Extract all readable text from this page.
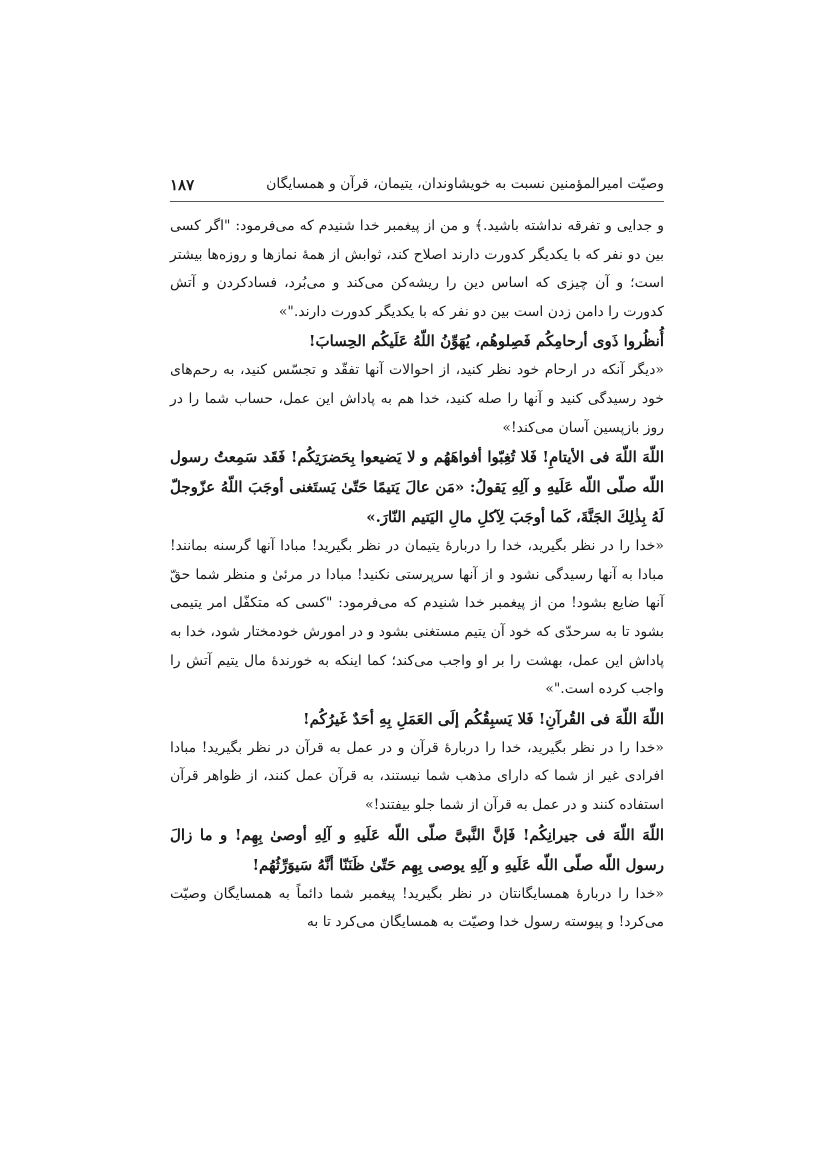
وصیّت امیرالمؤمنین نسبت به خویشاوندان، یتیمان، قرآن و همسایگان
۱۸۷

و جدایی و تفرقه نداشته باشید.﴾ و من از پیغمبر خدا شنیدم که می‌فرمود: "اگر کسی بین دو نفر که با یکدیگر کدورت دارند اصلاح کند، ثوابش از همهٔ نمازها و روزه‌ها بیشتر است؛ و آن چیزی که اساس دین را ریشه‌کن می‌کند و می‌بُرد، فسادکردن و آتش کدورت را دامن زدن است بین دو نفر که با یکدیگر کدورت دارند."»

أُنظُروا ذَوى أرحامِكُم فَصِلوهُم، يُهَوِّنُ اللّهُ عَلَيكُم الحِسابَ!

«دیگر آنکه در ارحام خود نظر کنید، از احوالات آنها تفقّد و تجسّس کنید، به رحم‌های خود رسیدگی کنید و آنها را صله کنید، خدا هم به پاداش این عمل، حساب شما را در روز بازپسین آسان می‌کند!»

اللّهَ اللّهَ فى الأيتامِ! فَلا تُغِبّوا أفواهَهُم و لا يَضيعوا بِحَضرَتِكُم! فَقَد سَمِعتُ رسول اللّه صلّى اللّه عَلَيهِ و آلِهِ يَقولُ: «مَن عالَ يَتيمًا حَتّىٰ يَستَغنى أوجَبَ اللّهُ عزّوجلّ لَهُ بِذٰلِكَ الجَنَّةَ، كَما أوجَبَ لِآكلِ مالِ اليَتيم النّارَ.»

«خدا را در نظر بگیرید، خدا را دربارهٔ یتیمان در نظر بگیرید! مبادا آنها گرسنه بمانند! مبادا به آنها رسیدگی نشود و از آنها سرپرستی نکنید! مبادا در مرئیٰ و منظر شما حقّ آنها ضایع بشود! من از پیغمبر خدا شنیدم که می‌فرمود: "کسی که متکفّل امر یتیمی بشود تا به سرحدّی که خود آن یتیم مستغنی بشود و در امورش خودمختار شود، خدا به پاداش این عمل، بهشت را بر او واجب می‌کند؛ کما اینکه به خورندهٔ مال یتیم آتش را واجب کرده است."»

اللّهَ اللّهَ فى القُرآنِ! فَلا يَسبِقُكُم إلَى العَمَلِ بِهِ أحَدٌ غَيرُكُم!

«خدا را در نظر بگیرید، خدا را دربارهٔ قرآن و در عمل به قرآن در نظر بگیرید! مبادا افرادی غیر از شما که دارای مذهب شما نیستند، به قرآن عمل کنند، از ظواهر قرآن استفاده کنند و در عمل به قرآن از شما جلو بیفتند!»

اللّهَ اللّهَ فى جيرانِكُم! فَإنَّ النَّبىَّ صلّى اللّه عَلَيهِ و آلِهِ أوصىٰ بِهِم! و ما زالَ رسول اللّه صلّى اللّه عَلَيهِ و آلِهِ يوصى بِهِم حَتّىٰ ظَنَنّا أنَّهُ سَيوَرِّثُهُم!

«خدا را دربارهٔ همسایگانتان در نظر بگیرید! پیغمبر شما دائماً به همسایگان وصیّت می‌کرد! و پیوسته رسول خدا وصیّت به همسایگان می‌کرد تا به
